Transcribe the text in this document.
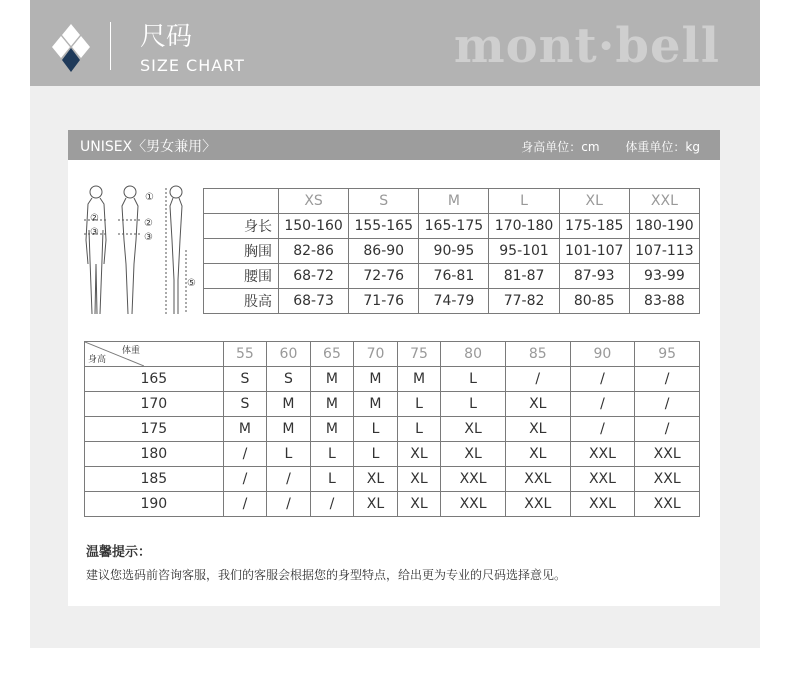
尺码
SIZE CHART	mont·bell
UNISEX〈男女兼用〉	身高单位：cm 体重单位：kg
①
②	②
③	③
⑤
	XS	S	M	L	XL	XXL
身长	150-160	155-165	165-175	170-180	175-185	180-190
胸围	82-86	86-90	90-95	95-101	101-107	107-113
腰围	68-72	72-76	76-81	81-87	87-93	93-99
股高	68-73	71-76	74-79	77-82	80-85	83-88
体重
身高	55	60	65	70	75	80	85	90	95
165	S	S	M	M	M	L	/	/	/
170	S	M	M	M	L	L	XL	/	/
175	M	M	M	L	L	XL	XL	/	/
180	/	L	L	L	XL	XL	XL	XXL	XXL
185	/	/	L	XL	XL	XXL	XXL	XXL	XXL
190	/	/	/	XL	XL	XXL	XXL	XXL	XXL
温馨提示：
建议您选码前咨询客服，我们的客服会根据您的身型特点，给出更为专业的尺码选择意见。
